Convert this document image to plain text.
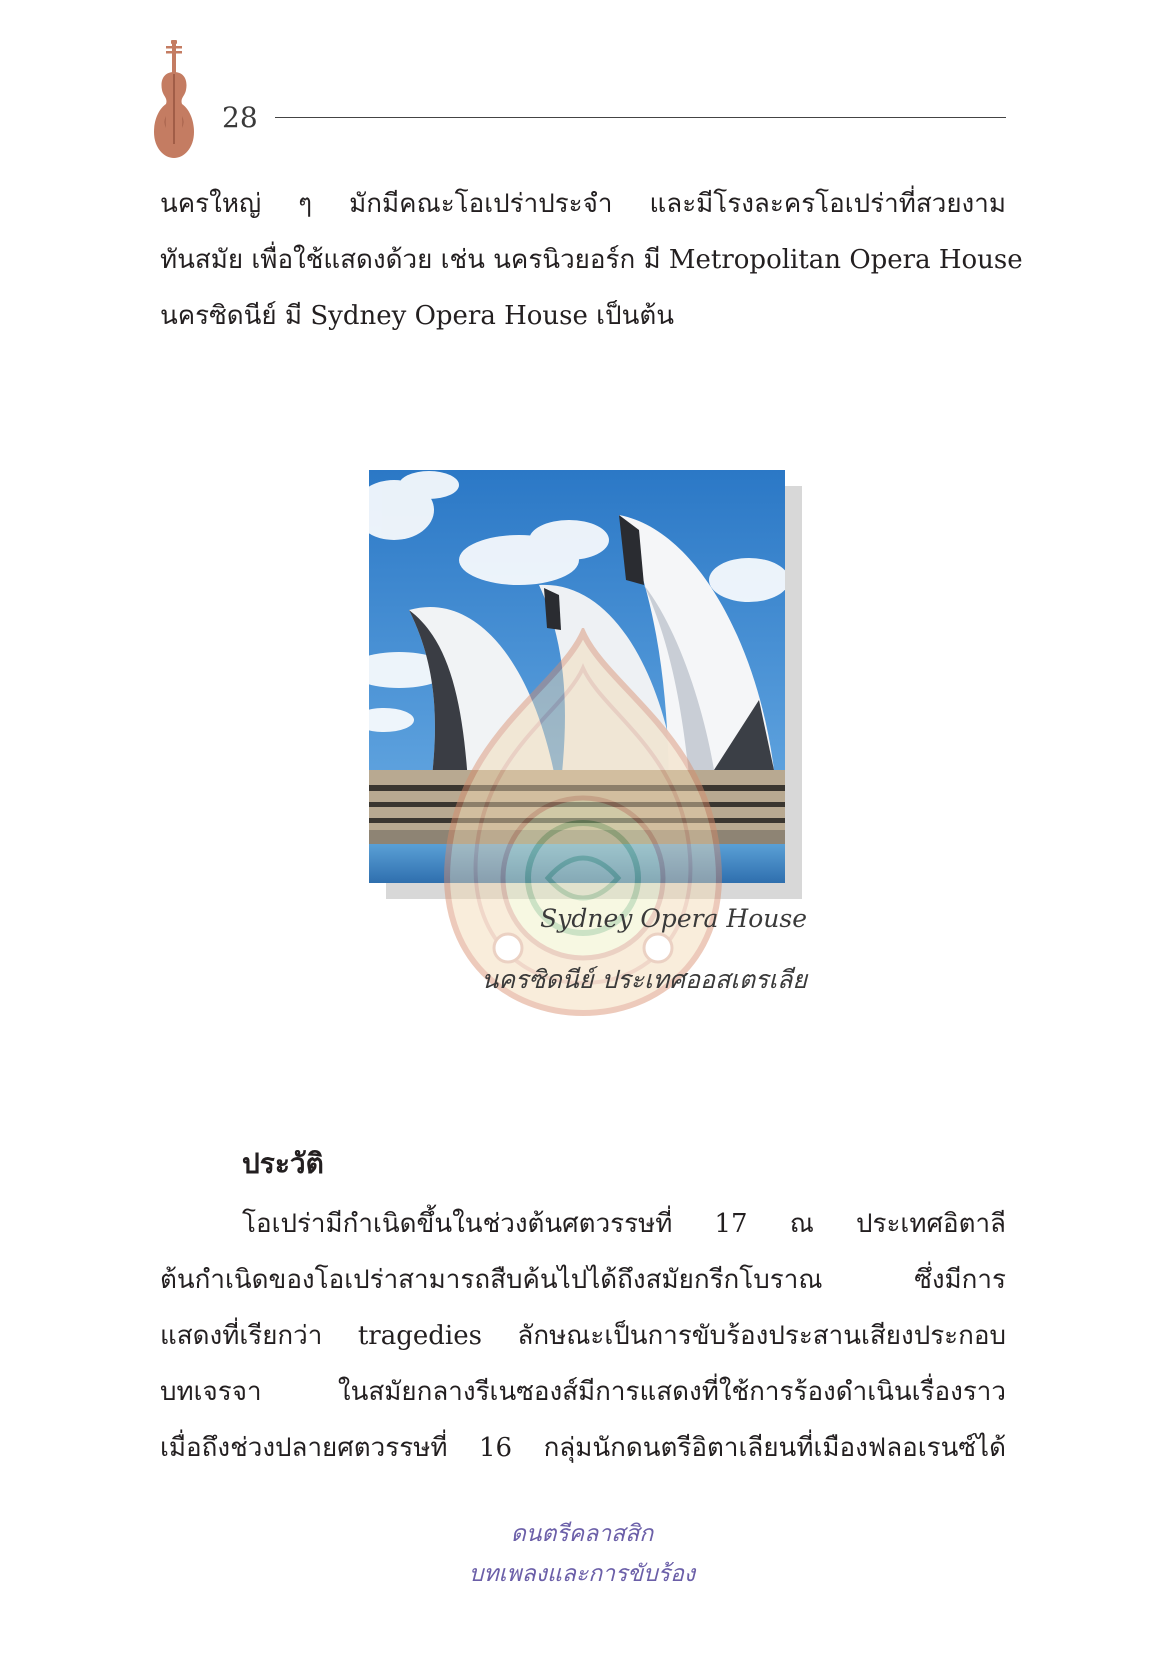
28
นครใหญ่ ๆ มักมีคณะโอเปร่าประจำ และมีโรงละครโอเปร่าที่สวยงาม
ทันสมัย เพื่อใช้แสดงด้วย เช่น นครนิวยอร์ก มี Metropolitan Opera House
นครซิดนีย์ มี Sydney Opera House เป็นต้น

Sydney Opera House

นครซิดนีย์ ประเทศออสเตรเลีย

ประวัติ
โอเปร่ามีกำเนิดขึ้นในช่วงต้นศตวรรษที่ 17 ณ ประเทศอิตาลี
ต้นกำเนิดของโอเปร่าสามารถสืบค้นไปได้ถึงสมัยกรีกโบราณ ซึ่งมีการ
แสดงที่เรียกว่า tragedies ลักษณะเป็นการขับร้องประสานเสียงประกอบ
บทเจรจา ในสมัยกลางรีเนซองส์มีการแสดงที่ใช้การร้องดำเนินเรื่องราว
เมื่อถึงช่วงปลายศตวรรษที่ 16 กลุ่มนักดนตรีอิตาเลียนที่เมืองฟลอเรนซ์ได้

ดนตรีคลาสสิก

บทเพลงและการขับร้อง
